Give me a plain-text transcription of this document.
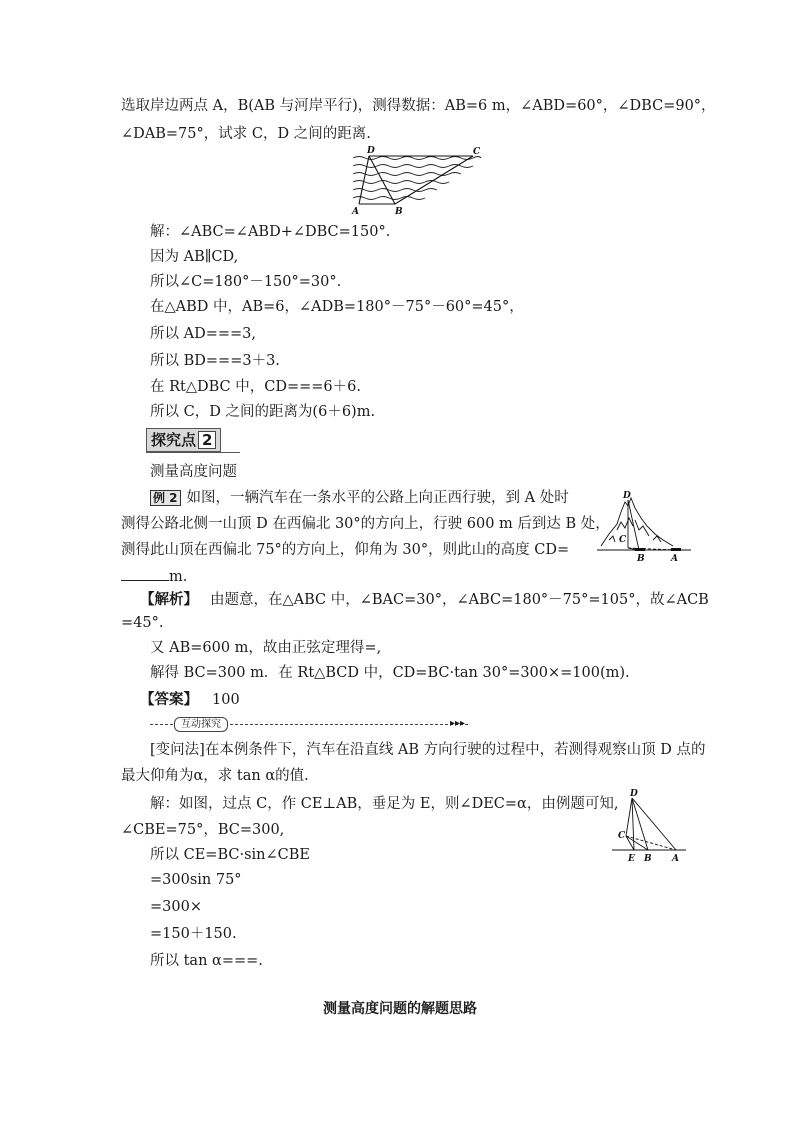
选取岸边两点 A，B(AB 与河岸平行)，测得数据：AB=6 m，∠ABD=60°，∠DBC=90°，
∠DAB=75°，试求 C，D 之间的距离.
D	C
A	B
解：∠ABC=∠ABD+∠DBC=150°.
因为 AB∥CD,
所以∠C=180°－150°=30°.
在△ABD 中，AB=6，∠ADB=180°－75°－60°=45°，
所以 AD===3,
所以 BD===3＋3.
在 Rt△DBC 中，CD===6＋6.
所以 C，D 之间的距离为(6＋6)m.
探究点 2
测量高度问题
例 2 如图，一辆汽车在一条水平的公路上向正西行驶，到 A 处时
测得公路北侧一山顶 D 在西偏北 30°的方向上，行驶 600 m 后到达 B 处，
测得此山顶在西偏北 75°的方向上，仰角为 30°，则此山的高度 CD=
m.
D
C
B	A
【解析】 由题意，在△ABC 中，∠BAC=30°，∠ABC=180°－75°=105°，故∠ACB
=45°.
又 AB=600 m，故由正弦定理得=,
解得 BC=300 m．在 Rt△BCD 中，CD=BC·tan 30°=300×=100(m).
【答案】 100
互动探究	▸▸▸
[变问法]在本例条件下，汽车在沿直线 AB 方向行驶的过程中，若测得观察山顶 D 点的
最大仰角为α，求 tan α的值.
解：如图，过点 C，作 CE⊥AB，垂足为 E，则∠DEC=α，由例题可知,
∠CBE=75°，BC=300,
所以 CE=BC·sin∠CBE
=300sin 75°
=300×
=150＋150.
所以 tan α===.
D
C
E B A
测量高度问题的解题思路
